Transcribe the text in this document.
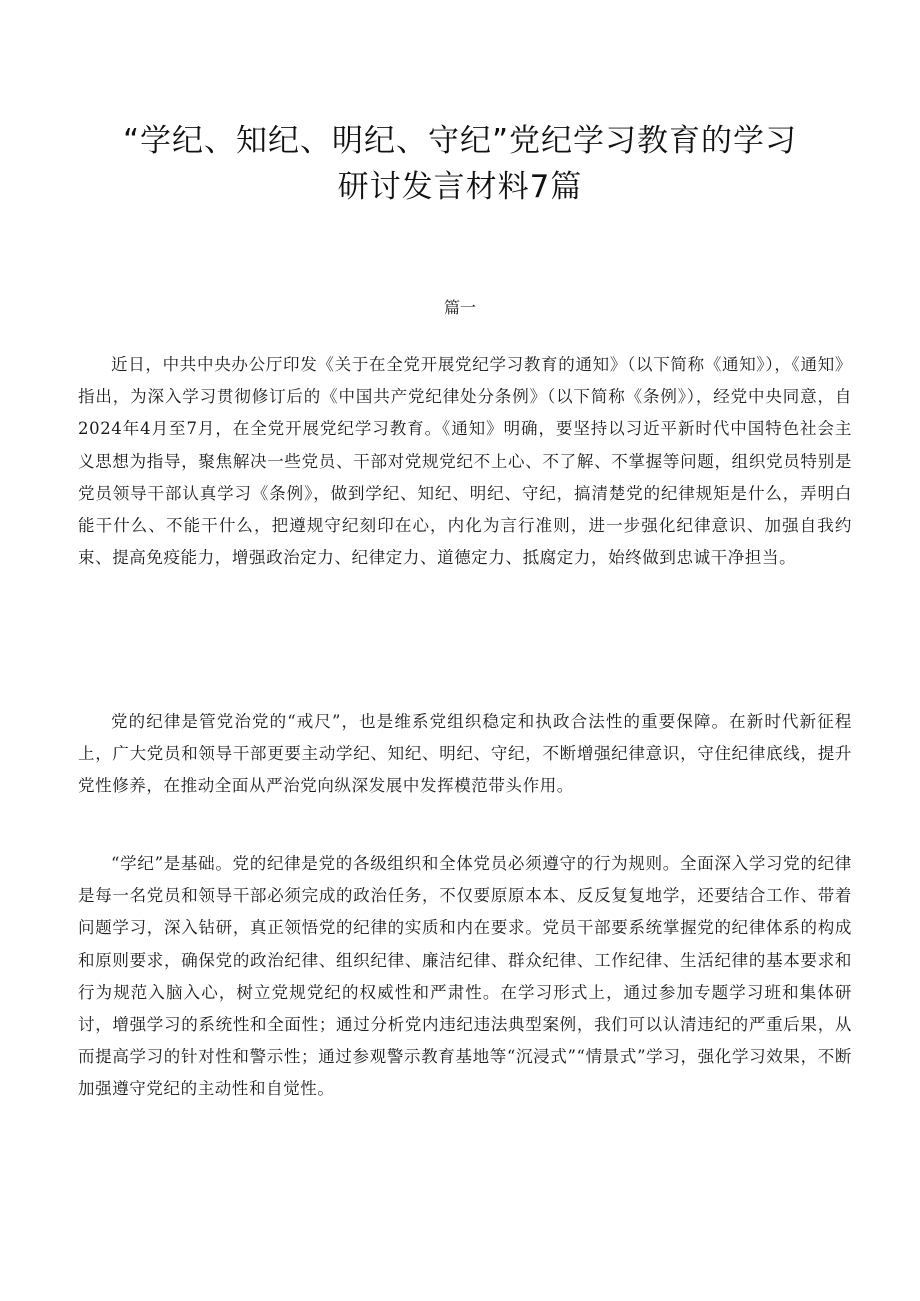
“学纪、知纪、明纪、守纪”党纪学习教育的学习
研讨发言材料7篇
篇一

近日，中共中央办公厅印发《关于在全党开展党纪学习教育的通知》（以下简称《通知》），《通知》指出，为深入学习贯彻修订后的《中国共产党纪律处分条例》（以下简称《条例》），经党中央同意，自2024年4月至7月，在全党开展党纪学习教育。《通知》明确，要坚持以习近平新时代中国特色社会主义思想为指导，聚焦解决一些党员、干部对党规党纪不上心、不了解、不掌握等问题，组织党员特别是党员领导干部认真学习《条例》，做到学纪、知纪、明纪、守纪，搞清楚党的纪律规矩是什么，弄明白能干什么、不能干什么，把遵规守纪刻印在心，内化为言行准则，进一步强化纪律意识、加强自我约束、提高免疫能力，增强政治定力、纪律定力、道德定力、抵腐定力，始终做到忠诚干净担当。

党的纪律是管党治党的“戒尺”，也是维系党组织稳定和执政合法性的重要保障。在新时代新征程上，广大党员和领导干部更要主动学纪、知纪、明纪、守纪，不断增强纪律意识，守住纪律底线，提升党性修养，在推动全面从严治党向纵深发展中发挥模范带头作用。

“学纪”是基础。党的纪律是党的各级组织和全体党员必须遵守的行为规则。全面深入学习党的纪律是每一名党员和领导干部必须完成的政治任务，不仅要原原本本、反反复复地学，还要结合工作、带着问题学习，深入钻研，真正领悟党的纪律的实质和内在要求。党员干部要系统掌握党的纪律体系的构成和原则要求，确保党的政治纪律、组织纪律、廉洁纪律、群众纪律、工作纪律、生活纪律的基本要求和行为规范入脑入心，树立党规党纪的权威性和严肃性。在学习形式上，通过参加专题学习班和集体研讨，增强学习的系统性和全面性；通过分析党内违纪违法典型案例，我们可以认清违纪的严重后果，从而提高学习的针对性和警示性；通过参观警示教育基地等“沉浸式”“情景式”学习，强化学习效果，不断加强遵守党纪的主动性和自觉性。
